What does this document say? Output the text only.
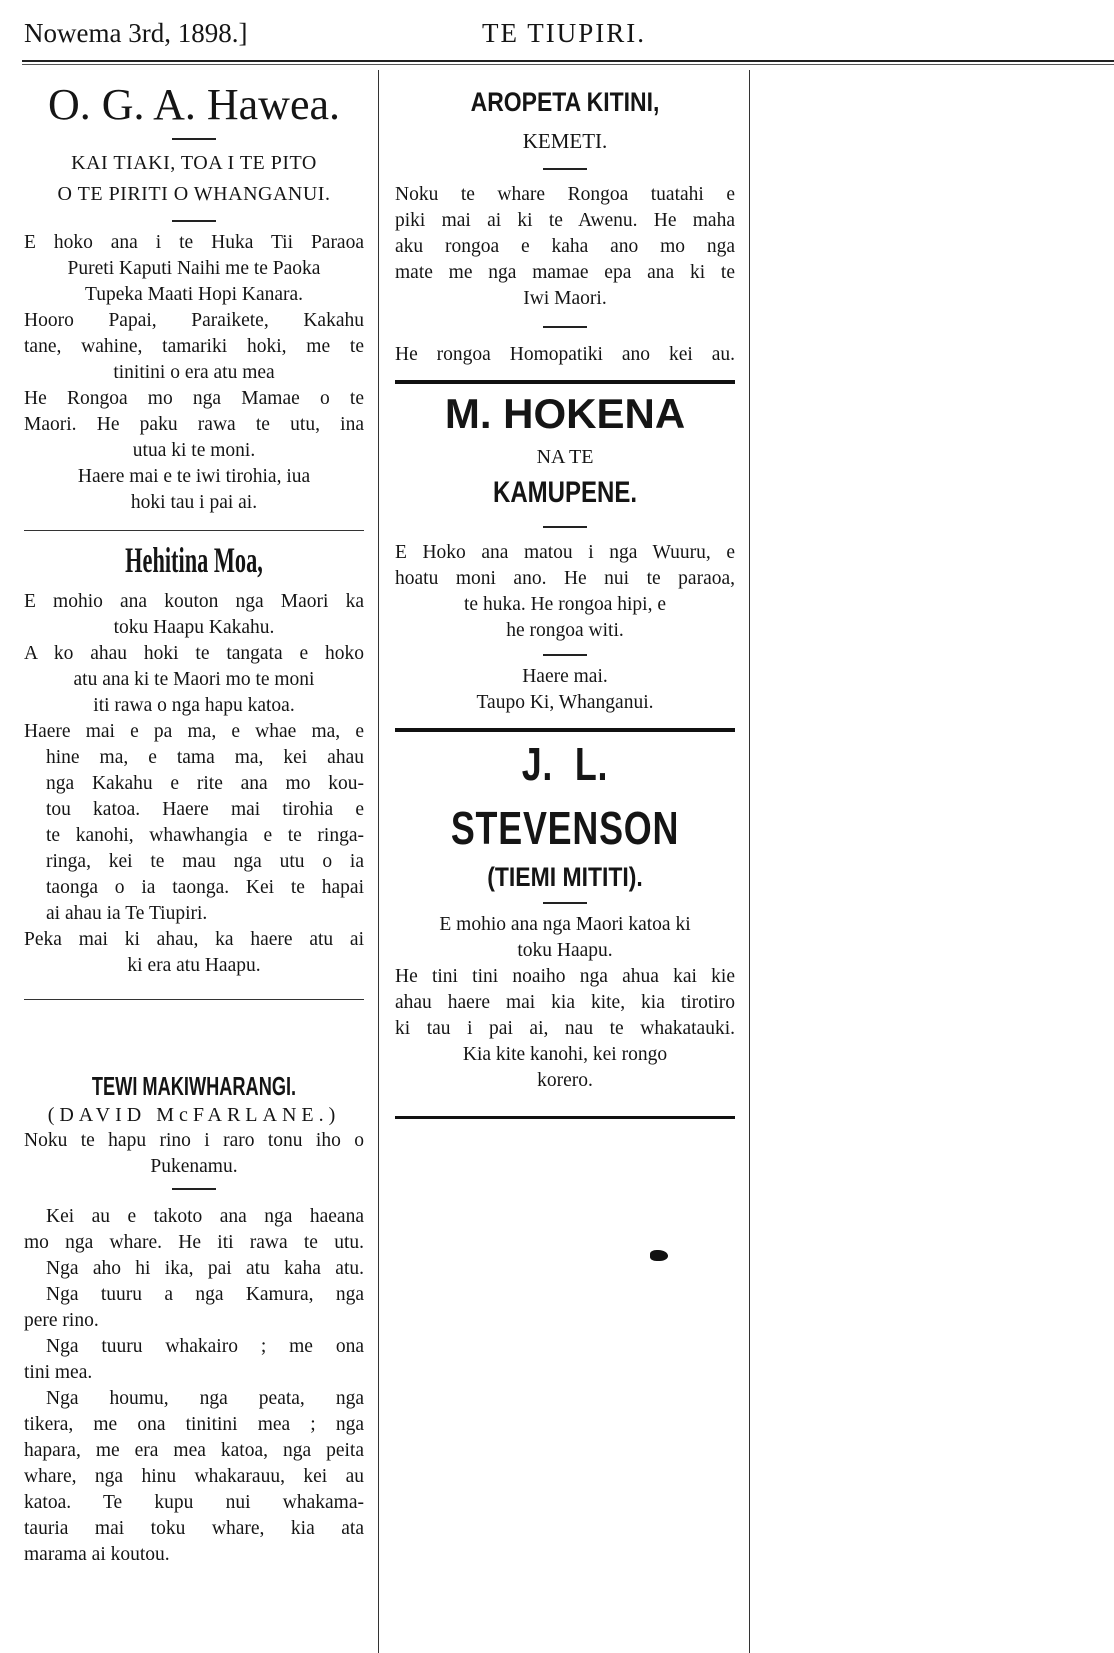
Nowema 3rd, 1898.]	TE TIUPIRI.
O. G. A. Hawea.
KAI TIAKI, TOA I TE PITO
O TE PIRITI O WHANGANUI.
E hoko ana i te Huka Tii Paraoa
Pureti Kaputi Naihi me te Paoka
Tupeka Maati Hopi Kanara.
Hooro Papai, Paraikete, Kakahu
tane, wahine, tamariki hoki, me te
tinitini o era atu mea
He Rongoa mo nga Mamae o te
Maori. He paku rawa te utu, ina
utua ki te moni.
Haere mai e te iwi tirohia, iua
hoki tau i pai ai.
Hehitina Moa,
E mohio ana kouton nga Maori ka
toku Haapu Kakahu.
A ko ahau hoki te tangata e hoko
atu ana ki te Maori mo te moni
iti rawa o nga hapu katoa.
Haere mai e pa ma, e whae ma, e
hine ma, e tama ma, kei ahau
nga Kakahu e rite ana mo kou-
tou katoa. Haere mai tirohia e
te kanohi, whawhangia e te ringa-
ringa, kei te mau nga utu o ia
taonga o ia taonga. Kei te hapai
ai ahau ia Te Tiupiri.
Peka mai ki ahau, ka haere atu ai
ki era atu Haapu.
TEWI MAKIWHARANGI.
(DAVID McFARLANE.)
Noku te hapu rino i raro tonu iho o
Pukenamu.
Kei au e takoto ana nga haeana
mo nga whare. He iti rawa te utu.
Nga aho hi ika, pai atu kaha atu.
Nga tuuru a nga Kamura, nga
pere rino.
Nga tuuru whakairo ; me ona
tini mea.
Nga houmu, nga peata, nga
tikera, me ona tinitini mea ; nga
hapara, me era mea katoa, nga peita
whare, nga hinu whakarauu, kei au
katoa. Te kupu nui whakama-
tauria mai toku whare, kia ata
marama ai koutou.
AROPETA KITINI,
KEMETI.
Noku te whare Rongoa tuatahi e
piki mai ai ki te Awenu. He maha
aku rongoa e kaha ano mo nga
mate me nga mamae epa ana ki te
Iwi Maori.
He rongoa Homopatiki ano kei au.
M. HOKENA
NA TE
KAMUPENE.
E Hoko ana matou i nga Wuuru, e
hoatu moni ano. He nui te paraoa,
te huka. He rongoa hipi, e
he rongoa witi.
Haere mai.
Taupo Ki, Whanganui.
J. L. STEVENSON
(TIEMI MITITI).
E mohio ana nga Maori katoa ki
toku Haapu.
He tini tini noaiho nga ahua kai kie
ahau haere mai kia kite, kia tirotiro
ki tau i pai ai, nau te whakatauki.
Kia kite kanohi, kei rongo
korero.
